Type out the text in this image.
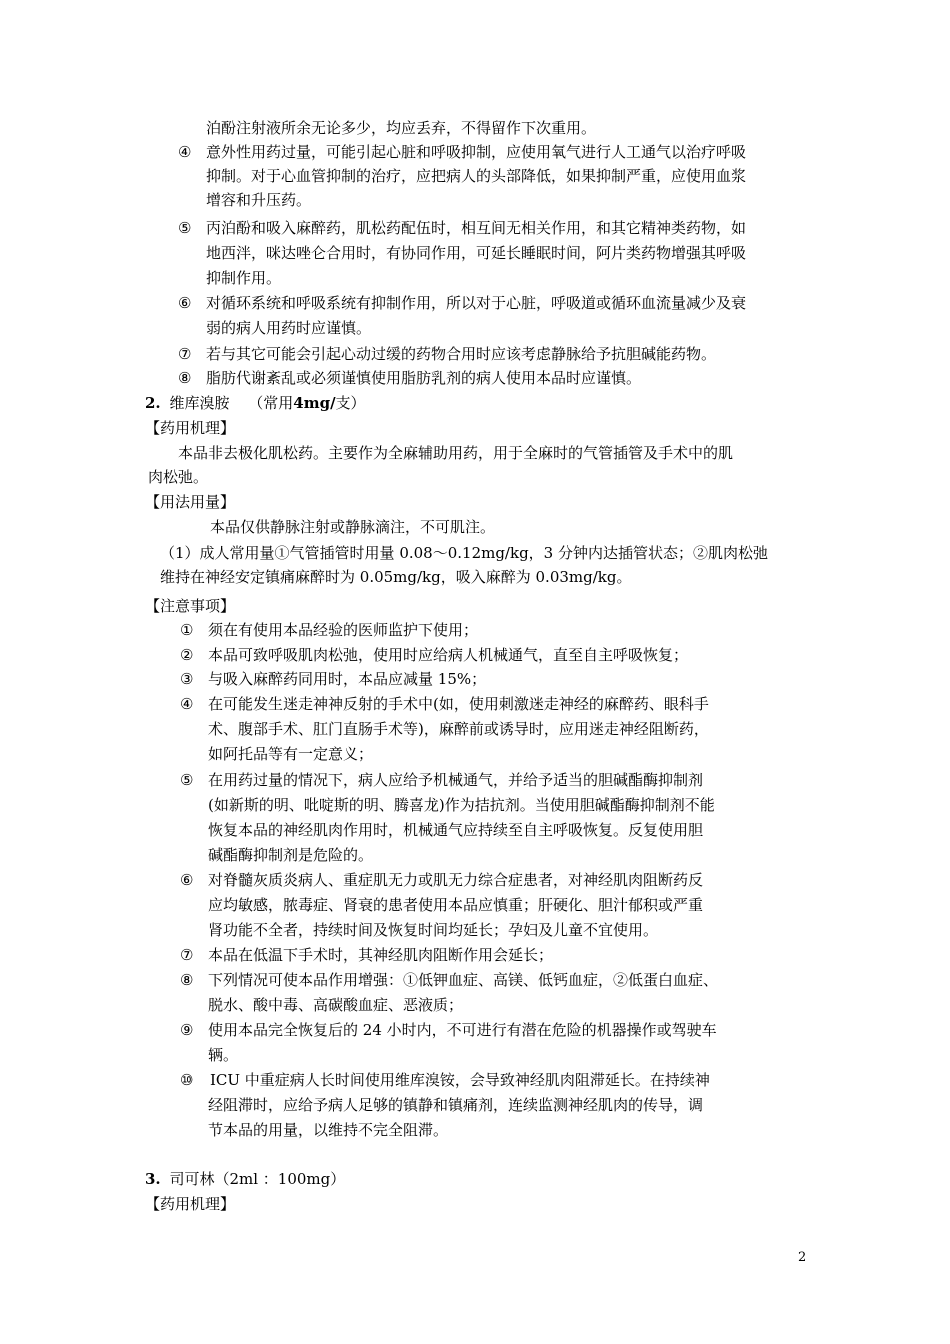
泊酚注射液所余无论多少，均应丢弃，不得留作下次重用。
④ 意外性用药过量，可能引起心脏和呼吸抑制，应使用氧气进行人工通气以治疗呼吸
抑制。对于心血管抑制的治疗，应把病人的头部降低，如果抑制严重，应使用血浆
增容和升压药。
⑤ 丙泊酚和吸入麻醉药，肌松药配伍时，相互间无相关作用，和其它精神类药物，如
地西泮，咪达唑仑合用时，有协同作用，可延长睡眠时间，阿片类药物增强其呼吸
抑制作用。
⑥ 对循环系统和呼吸系统有抑制作用，所以对于心脏，呼吸道或循环血流量减少及衰
弱的病人用药时应谨慎。
⑦ 若与其它可能会引起心动过缓的药物合用时应该考虑静脉给予抗胆碱能药物。
⑧ 脂肪代谢紊乱或必须谨慎使用脂肪乳剂的病人使用本品时应谨慎。
2. 维库溴胺 （常用4mg/支）
【药用机理】
本品非去极化肌松药。主要作为全麻辅助用药，用于全麻时的气管插管及手术中的肌
肉松弛。
【用法用量】
本品仅供静脉注射或静脉滴注，不可肌注。
（1）成人常用量①气管插管时用量 0.08～0.12mg/kg，3 分钟内达插管状态；②肌肉松弛
维持在神经安定镇痛麻醉时为 0.05mg/kg，吸入麻醉为 0.03mg/kg。
【注意事项】
① 须在有使用本品经验的医师监护下使用；
② 本品可致呼吸肌肉松弛，使用时应给病人机械通气，直至自主呼吸恢复；
③ 与吸入麻醉药同用时，本品应减量 15%；
④ 在可能发生迷走神神反射的手术中(如，使用刺激迷走神经的麻醉药、眼科手
术、腹部手术、肛门直肠手术等)，麻醉前或诱导时，应用迷走神经阻断药，
如阿托品等有一定意义；
⑤ 在用药过量的情况下，病人应给予机械通气，并给予适当的胆碱酯酶抑制剂
(如新斯的明、吡啶斯的明、腾喜龙)作为拮抗剂。当使用胆碱酯酶抑制剂不能
恢复本品的神经肌肉作用时，机械通气应持续至自主呼吸恢复。反复使用胆
碱酯酶抑制剂是危险的。
⑥ 对脊髓灰质炎病人、重症肌无力或肌无力综合症患者，对神经肌肉阻断药反
应均敏感，脓毒症、肾衰的患者使用本品应慎重；肝硬化、胆汁郁积或严重
肾功能不全者，持续时间及恢复时间均延长；孕妇及儿童不宜使用。
⑦ 本品在低温下手术时，其神经肌肉阻断作用会延长；
⑧ 下列情况可使本品作用增强：①低钾血症、高镁、低钙血症，②低蛋白血症、
脱水、酸中毒、高碳酸血症、恶液质；
⑨ 使用本品完全恢复后的 24 小时内，不可进行有潜在危险的机器操作或驾驶车
辆。
⑩ ICU 中重症病人长时间使用维库溴铵，会导致神经肌肉阻滞延长。在持续神
经阻滞时，应给予病人足够的镇静和镇痛剂，连续监测神经肌肉的传导，调
节本品的用量，以维持不完全阻滞。
3. 司可林（2ml ：100mg）
【药用机理】
2
